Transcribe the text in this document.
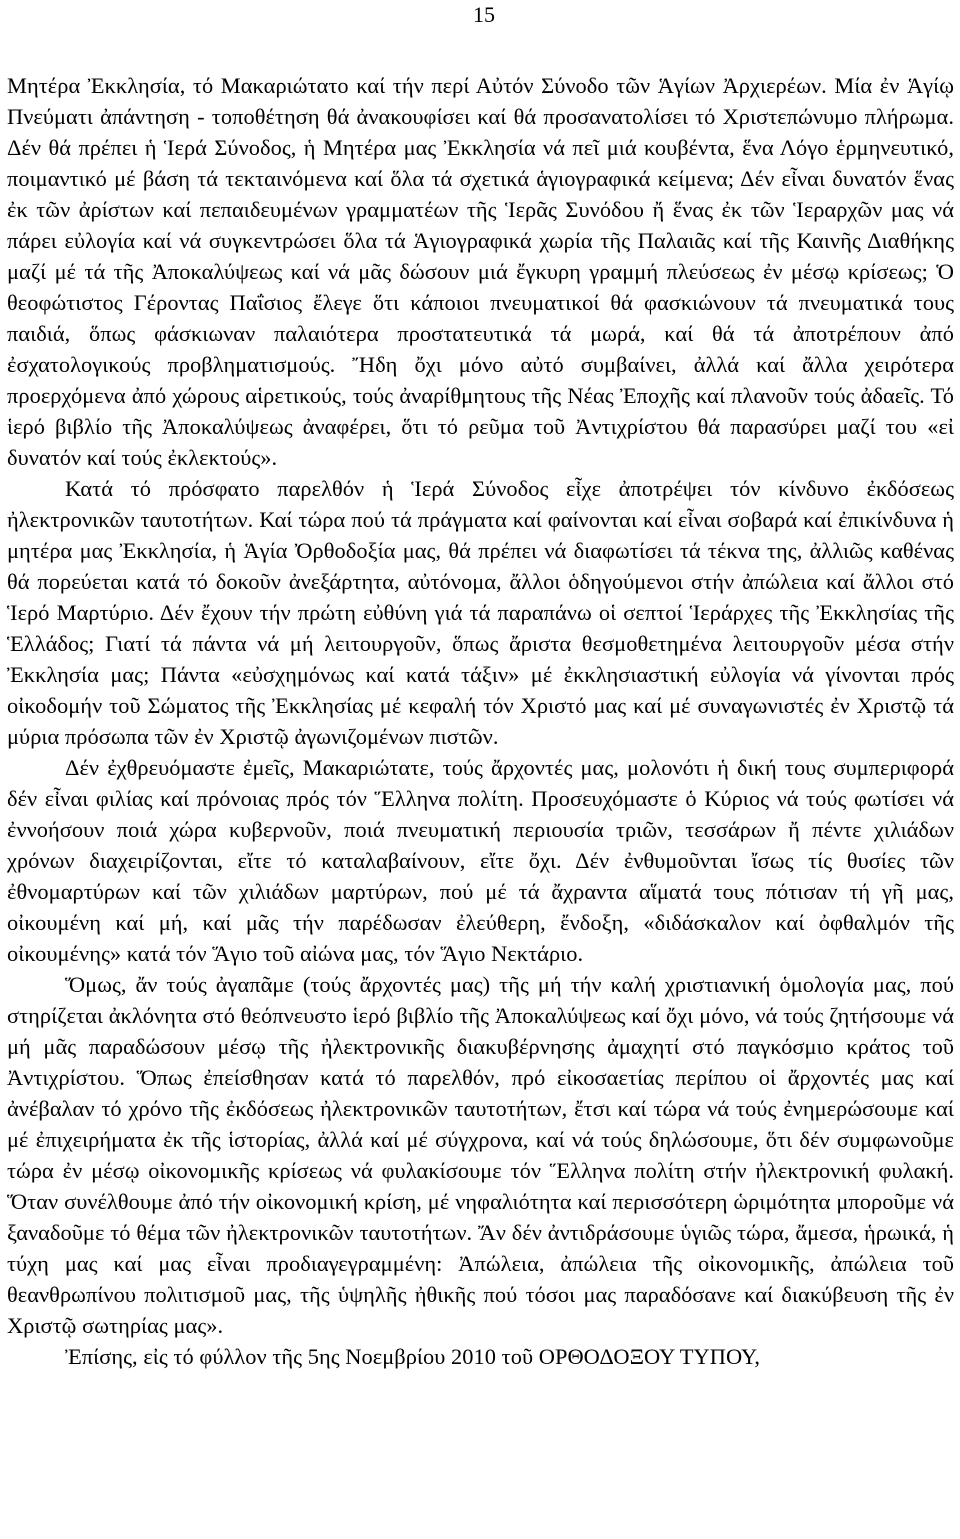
15

Μητέρα Ἐκκλησία, τό Μακαριώτατο καί τήν περί Αὐτόν Σύνοδο τῶν Ἁγίων Ἀρχιερέων. Μία ἐν Ἁγίῳ Πνεύματι ἀπάντηση - τοποθέτηση θά ἀνακουφίσει καί θά προσανατολίσει τό Χριστεπώνυμο πλήρωμα. Δέν θά πρέπει ἡ Ἱερά Σύνοδος, ἡ Μητέρα μας Ἐκκλησία νά πεῖ μιά κουβέντα, ἕνα Λόγο ἑρμηνευτικό, ποιμαντικό μέ βάση τά τεκταινόμενα καί ὅλα τά σχετικά ἁγιογραφικά κείμενα; Δέν εἶναι δυνατόν ἕνας ἐκ τῶν ἀρίστων καί πεπαιδευμένων γραμματέων τῆς Ἱερᾶς Συνόδου ἤ ἕνας ἐκ τῶν Ἱεραρχῶν μας νά πάρει εὐλογία καί νά συγκεντρώσει ὅλα τά Ἁγιογραφικά χωρία τῆς Παλαιᾶς καί τῆς Καινῆς Διαθήκης μαζί μέ τά τῆς Ἀποκαλύψεως καί νά μᾶς δώσουν μιά ἔγκυρη γραμμή πλεύσεως ἐν μέσῳ κρίσεως; Ὁ θεοφώτιστος Γέροντας Παΐσιος ἔλεγε ὅτι κάποιοι πνευματικοί θά φασκιώνουν τά πνευματικά τους παιδιά, ὅπως φάσκιωναν παλαιότερα προστατευτικά τά μωρά, καί θά τά ἀποτρέπουν ἀπό ἐσχατολογικούς προβληματισμούς. Ἤδη ὄχι μόνο αὐτό συμβαίνει, ἀλλά καί ἄλλα χειρότερα προερχόμενα ἀπό χώρους αἱρετικούς, τούς ἀναρίθμητους τῆς Νέας Ἐποχῆς καί πλανοῦν τούς ἀδαεῖς. Τό ἱερό βιβλίο τῆς Ἀποκαλύψεως ἀναφέρει, ὅτι τό ρεῦμα τοῦ Ἀντιχρίστου θά παρασύρει μαζί του «εἰ δυνατόν καί τούς ἐκλεκτούς».

Κατά τό πρόσφατο παρελθόν ἡ Ἱερά Σύνοδος εἶχε ἀποτρέψει τόν κίνδυνο ἐκδόσεως ἠλεκτρονικῶν ταυτοτήτων. Καί τώρα πού τά πράγματα καί φαίνονται καί εἶναι σοβαρά καί ἐπικίνδυνα ἡ μητέρα μας Ἐκκλησία, ἡ Ἁγία Ὀρθοδοξία μας, θά πρέπει νά διαφωτίσει τά τέκνα της, ἀλλιῶς καθένας θά πορεύεται κατά τό δοκοῦν ἀνεξάρτητα, αὐτόνομα, ἄλλοι ὁδηγούμενοι στήν ἀπώλεια καί ἄλλοι στό Ἱερό Μαρτύριο. Δέν ἔχουν τήν πρώτη εὐθύνη γιά τά παραπάνω οἱ σεπτοί Ἱεράρχες τῆς Ἐκκλησίας τῆς Ἑλλάδος; Γιατί τά πάντα νά μή λειτουργοῦν, ὅπως ἄριστα θεσμοθετημένα λειτουργοῦν μέσα στήν Ἐκκλησία μας; Πάντα «εὐσχημόνως καί κατά τάξιν» μέ ἐκκλησιαστική εὐλογία νά γίνονται πρός οἰκοδομήν τοῦ Σώματος τῆς Ἐκκλησίας μέ κεφαλή τόν Χριστό μας καί μέ συναγωνιστές ἐν Χριστῷ τά μύρια πρόσωπα τῶν ἐν Χριστῷ ἀγωνιζομένων πιστῶν.

Δέν ἐχθρευόμαστε ἐμεῖς, Μακαριώτατε, τούς ἄρχοντές μας, μολονότι ἡ δική τους συμπεριφορά δέν εἶναι φιλίας καί πρόνοιας πρός τόν Ἕλληνα πολίτη. Προσευχόμαστε ὁ Κύριος νά τούς φωτίσει νά ἐννοήσουν ποιά χώρα κυβερνοῦν, ποιά πνευματική περιουσία τριῶν, τεσσάρων ἤ πέντε χιλιάδων χρόνων διαχειρίζονται, εἴτε τό καταλαβαίνουν, εἴτε ὄχι. Δέν ἐνθυμοῦνται ἴσως τίς θυσίες τῶν ἐθνομαρτύρων καί τῶν χιλιάδων μαρτύρων, πού μέ τά ἄχραντα αἵματά τους πότισαν τή γῆ μας, οἰκουμένη καί μή, καί μᾶς τήν παρέδωσαν ἐλεύθερη, ἔνδοξη, «διδάσκαλον καί ὀφθαλμόν τῆς οἰκουμένης» κατά τόν Ἅγιο τοῦ αἰώνα μας, τόν Ἅγιο Νεκτάριο.

Ὅμως, ἄν τούς ἀγαπᾶμε (τούς ἄρχοντές μας) τῆς μή τήν καλή χριστιανική ὁμολογία μας, πού στηρίζεται ἀκλόνητα στό θεόπνευστο ἱερό βιβλίο τῆς Ἀποκαλύψεως καί ὄχι μόνο, νά τούς ζητήσουμε νά μή μᾶς παραδώσουν μέσῳ τῆς ἠλεκτρονικῆς διακυβέρνησης ἀμαχητί στό παγκόσμιο κράτος τοῦ Ἀντιχρίστου. Ὅπως ἐπείσθησαν κατά τό παρελθόν, πρό εἰκοσαετίας περίπου οἱ ἄρχοντές μας καί ἀνέβαλαν τό χρόνο τῆς ἐκδόσεως ἠλεκτρονικῶν ταυτοτήτων, ἔτσι καί τώρα νά τούς ἐνημερώσουμε καί μέ ἐπιχειρήματα ἐκ τῆς ἱστορίας, ἀλλά καί μέ σύγχρονα, καί νά τούς δηλώσουμε, ὅτι δέν συμφωνοῦμε τώρα ἐν μέσῳ οἰκονομικῆς κρίσεως νά φυλακίσουμε τόν Ἕλληνα πολίτη στήν ἠλεκτρονική φυλακή. Ὅταν συνέλθουμε ἀπό τήν οἰκονομική κρίση, μέ νηφαλιότητα καί περισσότερη ὡριμότητα μποροῦμε νά ξαναδοῦμε τό θέμα τῶν ἠλεκτρονικῶν ταυτοτήτων. Ἄν δέν ἀντιδράσουμε ὑγιῶς τώρα, ἄμεσα, ἡρωικά, ἡ τύχη μας καί μας εἶναι προδιαγεγραμμένη: Ἀπώλεια, ἀπώλεια τῆς οἰκονομικῆς, ἀπώλεια τοῦ θεανθρωπίνου πολιτισμοῦ μας, τῆς ὑψηλῆς ἠθικῆς πού τόσοι μας παραδόσανε καί διακύβευση τῆς ἐν Χριστῷ σωτηρίας μας».

Ἐπίσης, εἰς τό φύλλον τῆς 5ης Νοεμβρίου 2010 τοῦ ΟΡΘΟΔΟΞΟΥ ΤΥΠΟΥ,
